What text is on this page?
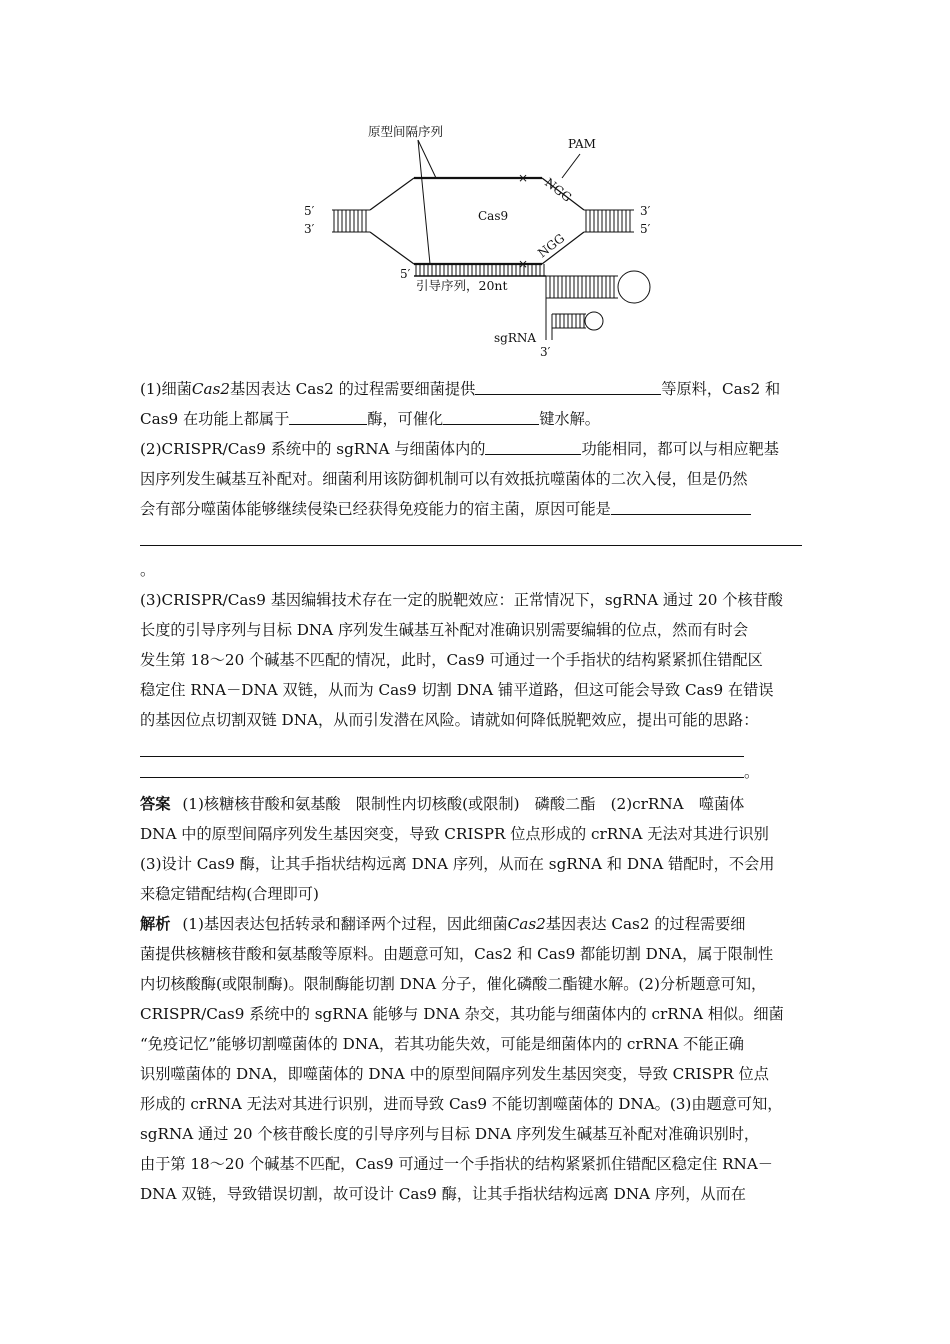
原型间隔序列
PAM
Cas9
NGG
NGG
×
×
5′
3′
3′
5′
5′
引导序列，20nt
sgRNA
3′

(1)细菌Cas2基因表达 Cas2 的过程需要细菌提供	等原料，Cas2 和

Cas9 在功能上都属于	酶，可催化	键水解。

(2)CRISPR/Cas9 系统中的 sgRNA 与细菌体内的	功能相同，都可以与相应靶基

因序列发生碱基互补配对。细菌利用该防御机制可以有效抵抗噬菌体的二次入侵，但是仍然

会有部分噬菌体能够继续侵染已经获得免疫能力的宿主菌，原因可能是

。

(3)CRISPR/Cas9 基因编辑技术存在一定的脱靶效应：正常情况下，sgRNA 通过 20 个核苷酸

长度的引导序列与目标 DNA 序列发生碱基互补配对准确识别需要编辑的位点，然而有时会

发生第 18～20 个碱基不匹配的情况，此时，Cas9 可通过一个手指状的结构紧紧抓住错配区

稳定住 RNA－DNA 双链，从而为 Cas9 切割 DNA 铺平道路，但这可能会导致 Cas9 在错误

的基因位点切割双链 DNA，从而引发潜在风险。请就如何降低脱靶效应，提出可能的思路：

。

答案 (1)核糖核苷酸和氨基酸　限制性内切核酸(或限制)　磷酸二酯　(2)crRNA　噬菌体

DNA 中的原型间隔序列发生基因突变，导致 CRISPR 位点形成的 crRNA 无法对其进行识别

(3)设计 Cas9 酶，让其手指状结构远离 DNA 序列，从而在 sgRNA 和 DNA 错配时，不会用

来稳定错配结构(合理即可)

解析 (1)基因表达包括转录和翻译两个过程，因此细菌Cas2基因表达 Cas2 的过程需要细

菌提供核糖核苷酸和氨基酸等原料。由题意可知，Cas2 和 Cas9 都能切割 DNA，属于限制性

内切核酸酶(或限制酶)。限制酶能切割 DNA 分子，催化磷酸二酯键水解。(2)分析题意可知，

CRISPR/Cas9 系统中的 sgRNA 能够与 DNA 杂交，其功能与细菌体内的 crRNA 相似。细菌

“免疫记忆”能够切割噬菌体的 DNA，若其功能失效，可能是细菌体内的 crRNA 不能正确

识别噬菌体的 DNA，即噬菌体的 DNA 中的原型间隔序列发生基因突变，导致 CRISPR 位点

形成的 crRNA 无法对其进行识别，进而导致 Cas9 不能切割噬菌体的 DNA。(3)由题意可知，

sgRNA 通过 20 个核苷酸长度的引导序列与目标 DNA 序列发生碱基互补配对准确识别时，

由于第 18～20 个碱基不匹配，Cas9 可通过一个手指状的结构紧紧抓住错配区稳定住 RNA－

DNA 双链，导致错误切割，故可设计 Cas9 酶，让其手指状结构远离 DNA 序列，从而在
